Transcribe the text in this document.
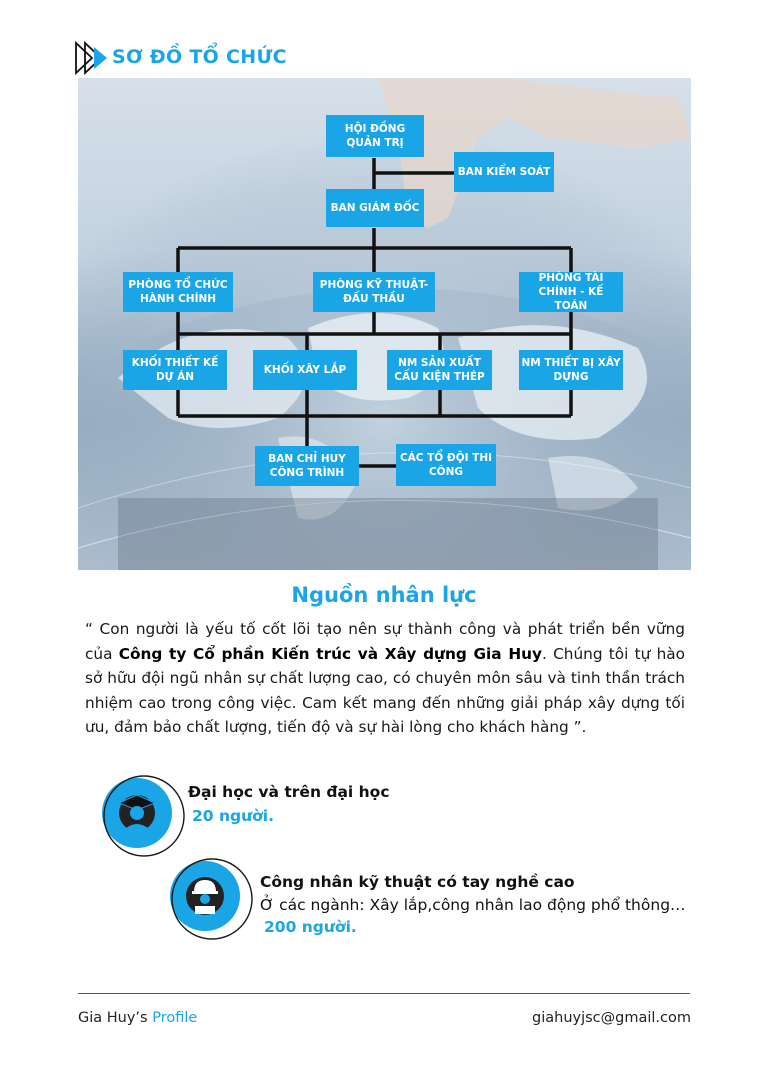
SƠ ĐỒ TỔ CHỨC
HỘI ĐỒNG
QUẢN TRỊ
BAN KIỂM SOÁT
BAN GIÁM ĐỐC
PHÒNG TỔ CHỨC
HÀNH CHÍNH
PHÒNG KỸ THUẬT-
ĐẤU THẦU
PHÒNG TÀI
CHÍNH - KẾ TOÁN
KHỐI THIẾT KẾ
DỰ ÁN
KHỐI XÂY LẮP
NM SẢN XUẤT
CẤU KIỆN THÉP
NM THIẾT BỊ XÂY
DỰNG
BAN CHỈ HUY
CÔNG TRÌNH
CÁC TỔ ĐỘI THI
CÔNG
Nguồn nhân lực
“ Con người là yếu tố cốt lõi tạo nên sự thành công và phát triển bền vững của Công ty Cổ phần Kiến trúc và Xây dựng Gia Huy. Chúng tôi tự hào sở hữu đội ngũ nhân sự chất lượng cao, có chuyên môn sâu và tinh thần trách nhiệm cao trong công việc. Cam kết mang đến những giải pháp xây dựng tối ưu, đảm bảo chất lượng, tiến độ và sự hài lòng cho khách hàng ”.
Đại học và trên đại học
20 người.
Công nhân kỹ thuật có tay nghề cao
Ở các ngành: Xây lắp,công nhân lao động phổ thông…
200 người.
Gia Huy’s Profile	giahuyjsc@gmail.com
